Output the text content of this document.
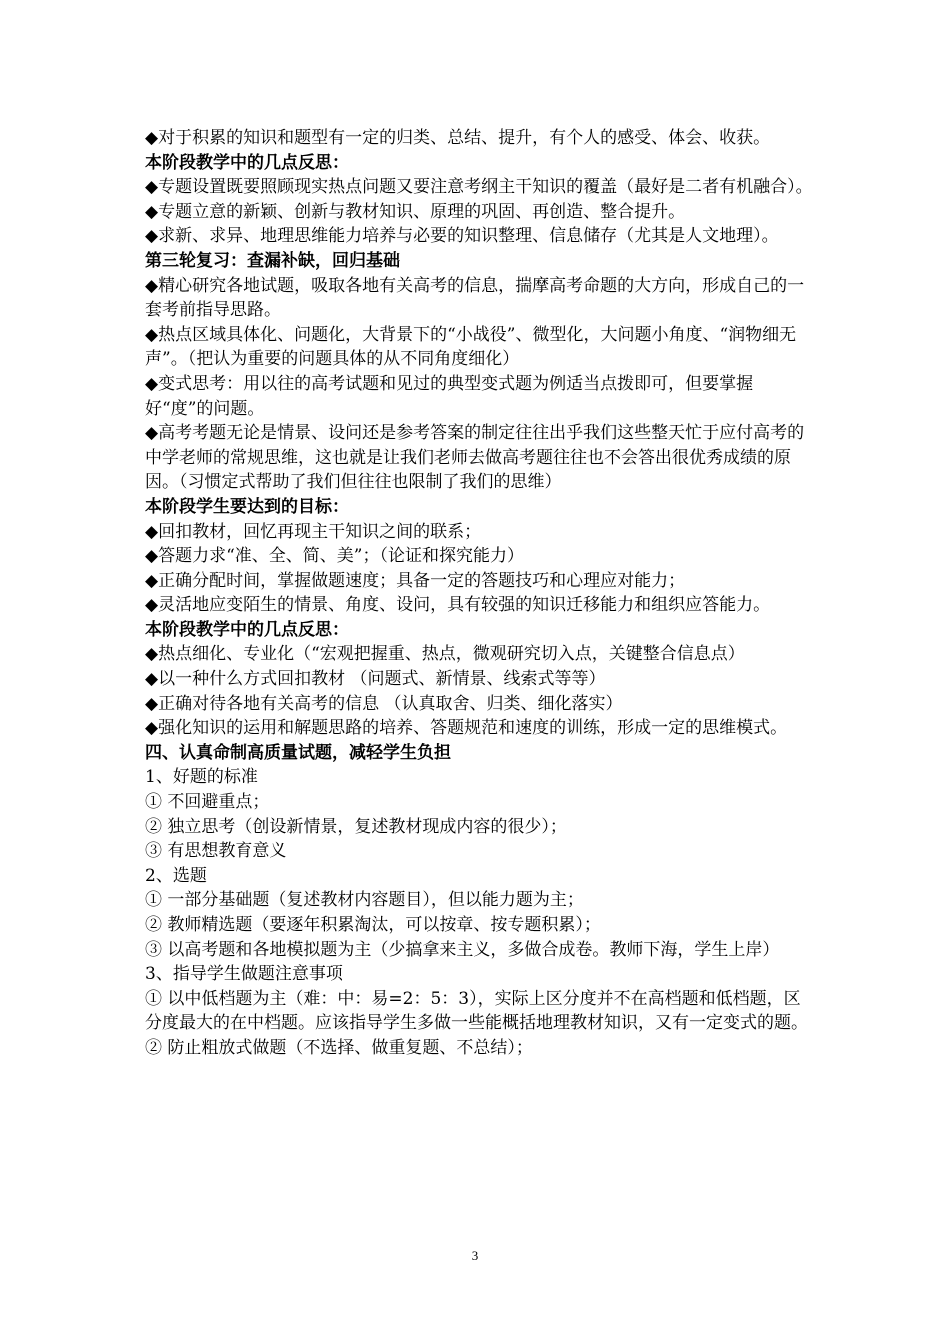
◆对于积累的知识和题型有一定的归类、总结、提升，有个人的感受、体会、收获。

本阶段教学中的几点反思：

◆专题设置既要照顾现实热点问题又要注意考纲主干知识的覆盖（最好是二者有机融合）。

◆专题立意的新颖、创新与教材知识、原理的巩固、再创造、整合提升。

◆求新、求异、地理思维能力培养与必要的知识整理、信息储存（尤其是人文地理）。

第三轮复习：查漏补缺，回归基础

◆精心研究各地试题，吸取各地有关高考的信息，揣摩高考命题的大方向，形成自己的一套考前指导思路。

◆热点区域具体化、问题化，大背景下的“小战役”、微型化，大问题小角度、“润物细无声”。（把认为重要的问题具体的从不同角度细化）

◆变式思考：用以往的高考试题和见过的典型变式题为例适当点拨即可，但要掌握好“度”的问题。

◆高考考题无论是情景、设问还是参考答案的制定往往出乎我们这些整天忙于应付高考的中学老师的常规思维，这也就是让我们老师去做高考题往往也不会答出很优秀成绩的原因。（习惯定式帮助了我们但往往也限制了我们的思维）

本阶段学生要达到的目标：

◆回扣教材，回忆再现主干知识之间的联系；

◆答题力求“准、全、简、美”；（论证和探究能力）

◆正确分配时间，掌握做题速度；具备一定的答题技巧和心理应对能力；

◆灵活地应变陌生的情景、角度、设问，具有较强的知识迁移能力和组织应答能力。

本阶段教学中的几点反思：

◆热点细化、专业化（“宏观把握重、热点，微观研究切入点，关键整合信息点）

◆以一种什么方式回扣教材 （问题式、新情景、线索式等等）

◆正确对待各地有关高考的信息 （认真取舍、归类、细化落实）

◆强化知识的运用和解题思路的培养、答题规范和速度的训练，形成一定的思维模式。

四、认真命制高质量试题，减轻学生负担

1、好题的标准

① 不回避重点；

② 独立思考（创设新情景，复述教材现成内容的很少）；

③ 有思想教育意义

2、选题

① 一部分基础题（复述教材内容题目），但以能力题为主；

② 教师精选题（要逐年积累淘汰，可以按章、按专题积累）；

③ 以高考题和各地模拟题为主（少搞拿来主义，多做合成卷。教师下海，学生上岸）

3、指导学生做题注意事项

① 以中低档题为主（难：中：易=2：5：3），实际上区分度并不在高档题和低档题，区分度最大的在中档题。应该指导学生多做一些能概括地理教材知识，又有一定变式的题。

② 防止粗放式做题（不选择、做重复题、不总结）；

3
